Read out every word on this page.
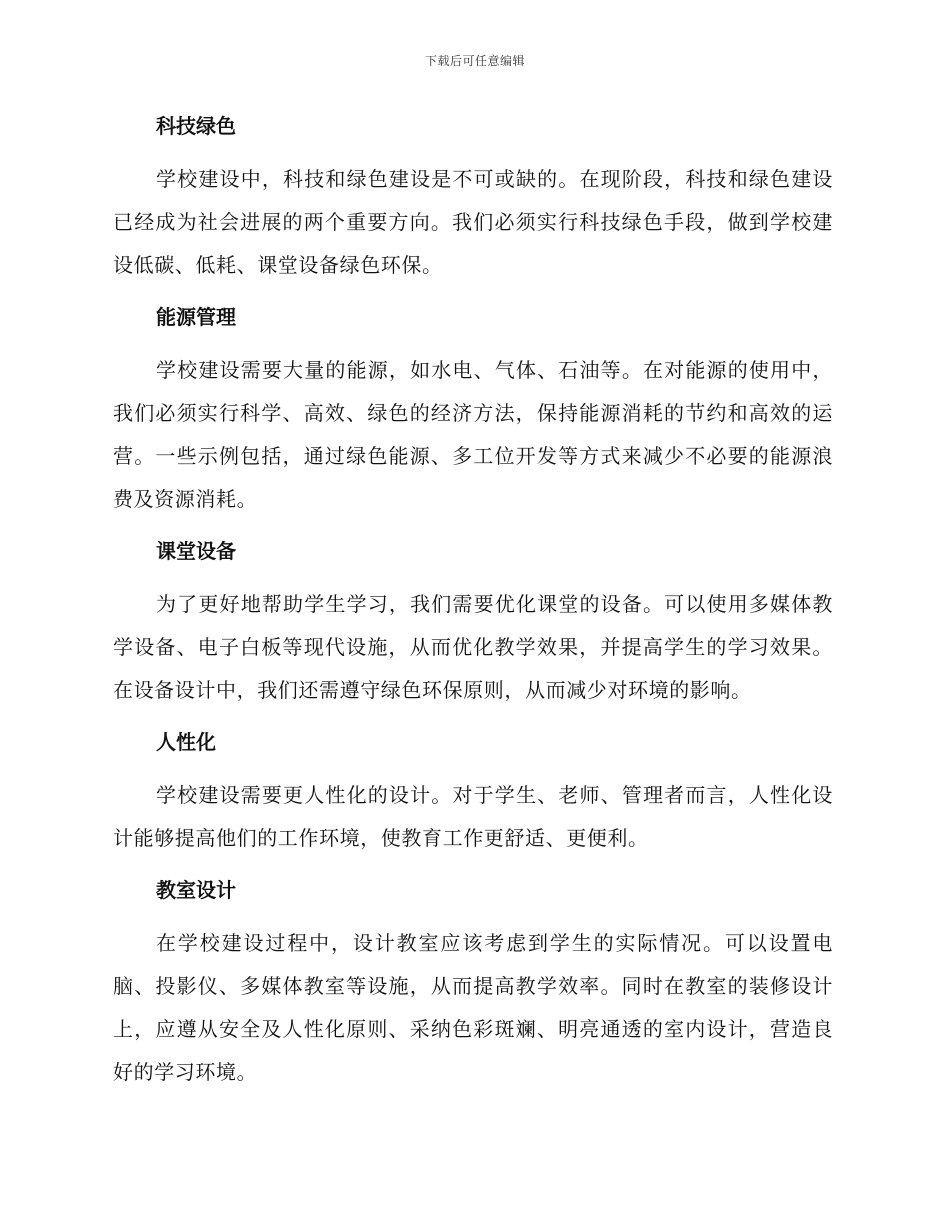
下载后可任意编辑
科技绿色

学校建设中，科技和绿色建设是不可或缺的。在现阶段，科技和绿色建设已经成为社会进展的两个重要方向。我们必须实行科技绿色手段，做到学校建设低碳、低耗、课堂设备绿色环保。

能源管理

学校建设需要大量的能源，如水电、气体、石油等。在对能源的使用中，我们必须实行科学、高效、绿色的经济方法，保持能源消耗的节约和高效的运营。一些示例包括，通过绿色能源、多工位开发等方式来减少不必要的能源浪费及资源消耗。

课堂设备

为了更好地帮助学生学习，我们需要优化课堂的设备。可以使用多媒体教学设备、电子白板等现代设施，从而优化教学效果，并提高学生的学习效果。在设备设计中，我们还需遵守绿色环保原则，从而减少对环境的影响。

人性化

学校建设需要更人性化的设计。对于学生、老师、管理者而言，人性化设计能够提高他们的工作环境，使教育工作更舒适、更便利。

教室设计

在学校建设过程中，设计教室应该考虑到学生的实际情况。可以设置电脑、投影仪、多媒体教室等设施，从而提高教学效率。同时在教室的装修设计上，应遵从安全及人性化原则、采纳色彩斑斓、明亮通透的室内设计，营造良好的学习环境。
